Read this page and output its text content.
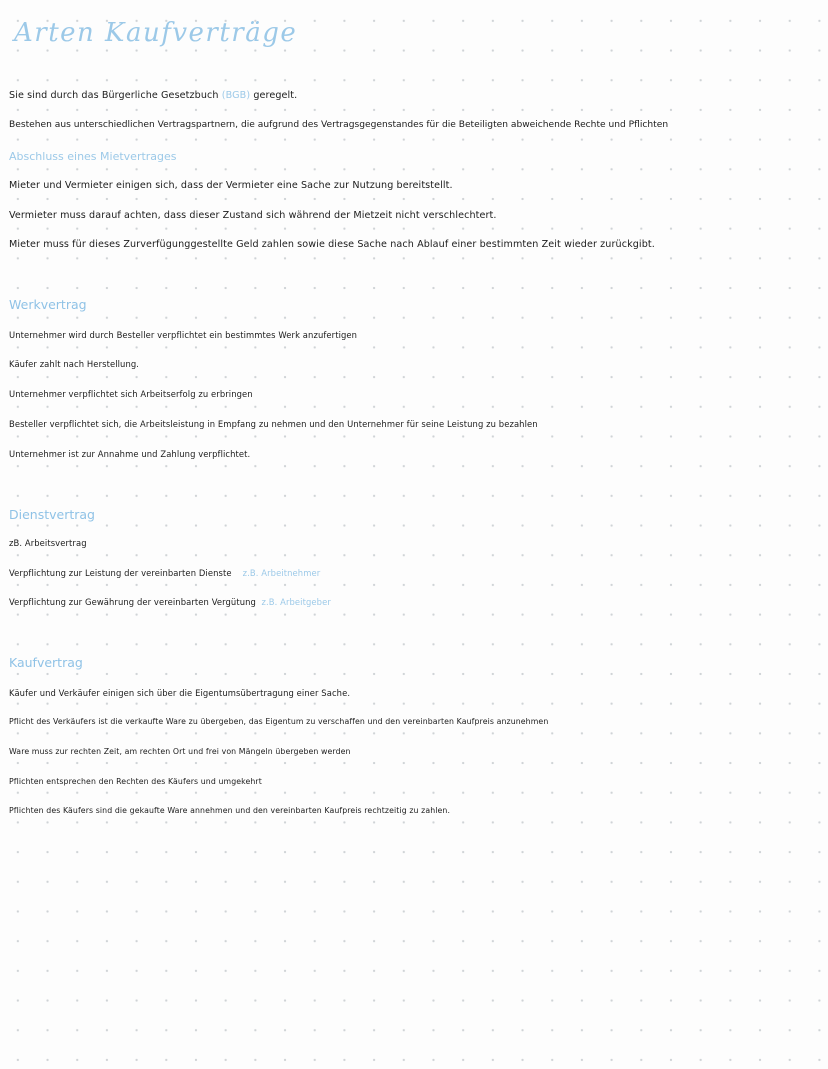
Arten Kaufverträge
Sie sind durch das Bürgerliche Gesetzbuch (BGB) geregelt.
Bestehen aus unterschiedlichen Vertragspartnern, die aufgrund des Vertragsgegenstandes für die Beteiligten abweichende Rechte und Pflichten
Abschluss eines Mietvertrages
Mieter und Vermieter einigen sich, dass der Vermieter eine Sache zur Nutzung bereitstellt.
Vermieter muss darauf achten, dass dieser Zustand sich während der Mietzeit nicht verschlechtert.
Mieter muss für dieses Zurverfügunggestellte Geld zahlen sowie diese Sache nach Ablauf einer bestimmten Zeit wieder zurückgibt.
Werkvertrag
Unternehmer wird durch Besteller verpflichtet ein bestimmtes Werk anzufertigen
Käufer zahlt nach Herstellung.
Unternehmer verpflichtet sich Arbeitserfolg zu erbringen
Besteller verpflichtet sich, die Arbeitsleistung in Empfang zu nehmen und den Unternehmer für seine Leistung zu bezahlen
Unternehmer ist zur Annahme und Zahlung verpflichtet.
Dienstvertrag
zB. Arbeitsvertrag
Verpflichtung zur Leistung der vereinbarten Dienste z.B. Arbeitnehmer
Verpflichtung zur Gewährung der vereinbarten Vergütung z.B. Arbeitgeber
Kaufvertrag
Käufer und Verkäufer einigen sich über die Eigentumsübertragung einer Sache.
Pflicht des Verkäufers ist die verkaufte Ware zu übergeben, das Eigentum zu verschaffen und den vereinbarten Kaufpreis anzunehmen
Ware muss zur rechten Zeit, am rechten Ort und frei von Mängeln übergeben werden
Pflichten entsprechen den Rechten des Käufers und umgekehrt
Pflichten des Käufers sind die gekaufte Ware annehmen und den vereinbarten Kaufpreis rechtzeitig zu zahlen.
